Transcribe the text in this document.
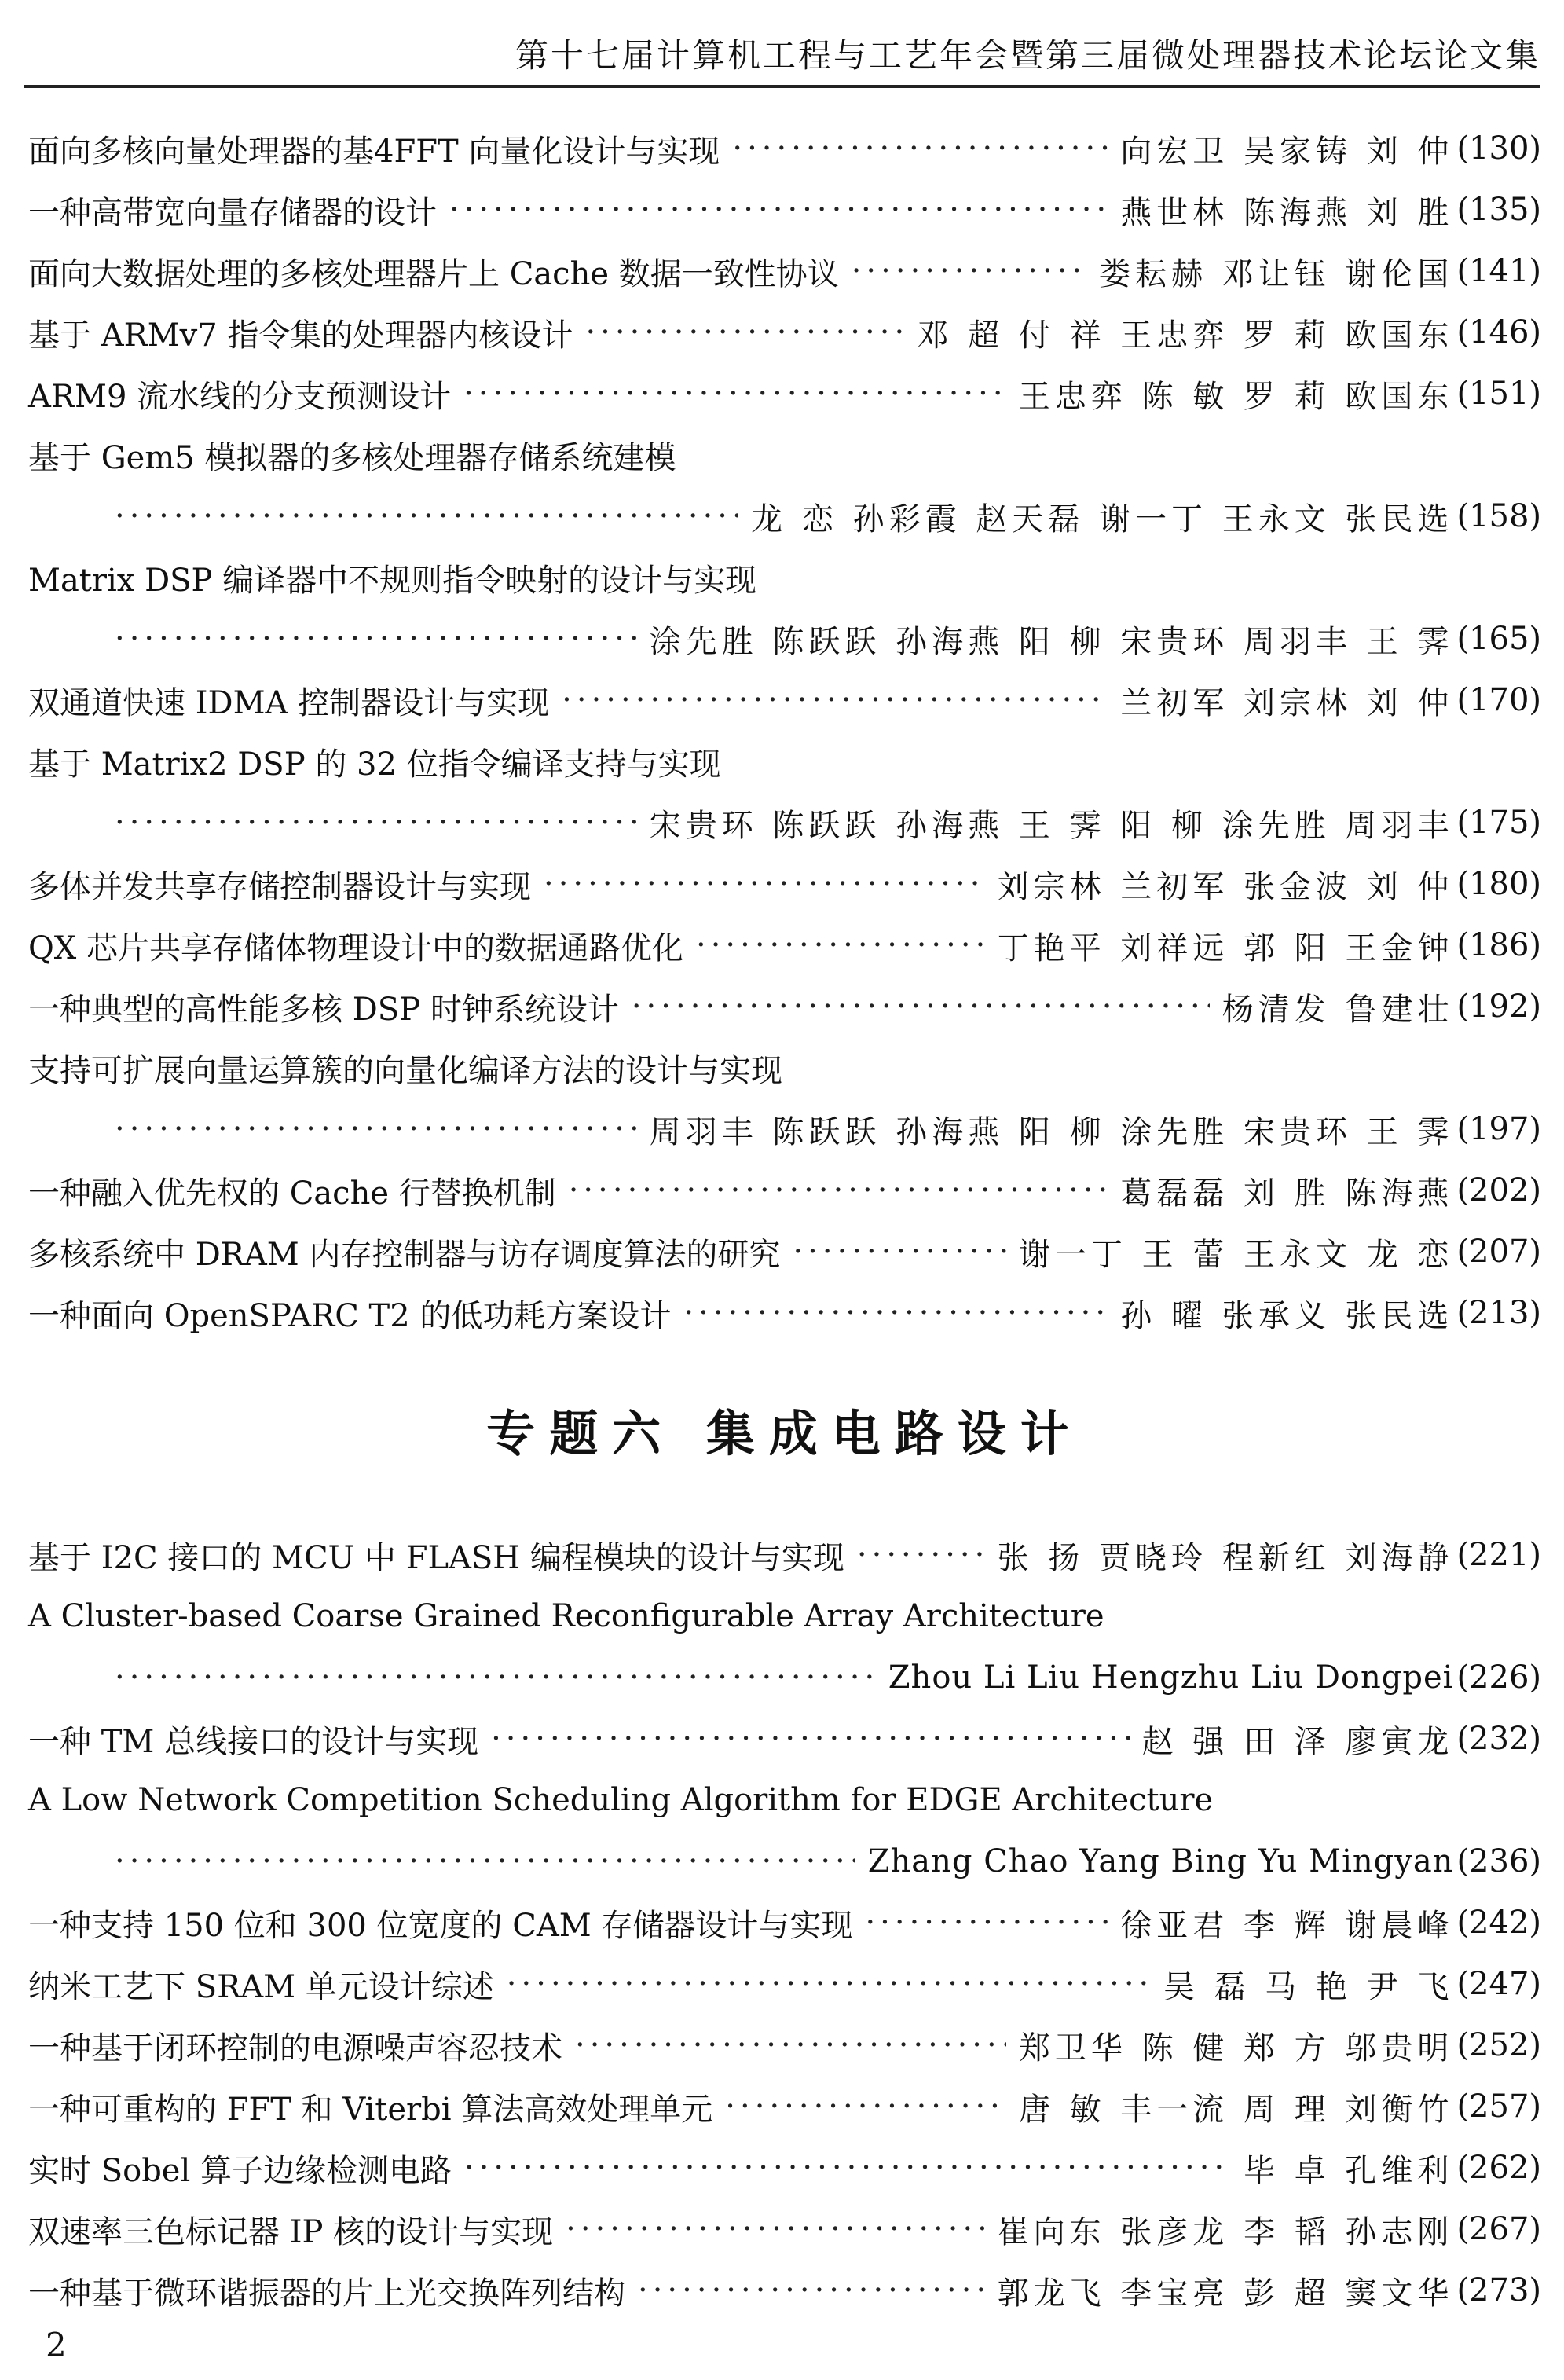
第十七届计算机工程与工艺年会暨第三届微处理器技术论坛论文集
面向多核向量处理器的基4FFT 向量化设计与实现 ·····	向宏卫 吴家铸 刘 仲 (130)
一种高带宽向量存储器的设计 ·····	燕世林 陈海燕 刘 胜 (135)
面向大数据处理的多核处理器片上 Cache 数据一致性协议 ·····	娄耘赫 邓让钰 谢伦国 (141)
基于 ARMv7 指令集的处理器内核设计 ·····	邓 超 付 祥 王忠弈 罗 莉 欧国东 (146)
ARM9 流水线的分支预测设计 ·····	王忠弈 陈 敏 罗 莉 欧国东 (151)
基于 Gem5 模拟器的多核处理器存储系统建模
·····
龙 恋 孙彩霞 赵天磊 谢一丁 王永文 张民选 (158)
Matrix DSP 编译器中不规则指令映射的设计与实现
·····
涂先胜 陈跃跃 孙海燕 阳 柳 宋贵环 周羽丰 王 霁 (165)
双通道快速 IDMA 控制器设计与实现 ·····	兰初军 刘宗林 刘 仲 (170)
基于 Matrix2 DSP 的 32 位指令编译支持与实现
·····
宋贵环 陈跃跃 孙海燕 王 霁 阳 柳 涂先胜 周羽丰 (175)
多体并发共享存储控制器设计与实现 ·····	刘宗林 兰初军 张金波 刘 仲 (180)
QX 芯片共享存储体物理设计中的数据通路优化 ·····	丁艳平 刘祥远 郭 阳 王金钟 (186)
一种典型的高性能多核 DSP 时钟系统设计 ·····	杨清发 鲁建壮 (192)
支持可扩展向量运算簇的向量化编译方法的设计与实现
·····
周羽丰 陈跃跃 孙海燕 阳 柳 涂先胜 宋贵环 王 霁 (197)
一种融入优先权的 Cache 行替换机制 ·····	葛磊磊 刘 胜 陈海燕 (202)
多核系统中 DRAM 内存控制器与访存调度算法的研究 ·····	谢一丁 王 蕾 王永文 龙 恋 (207)
一种面向 OpenSPARC T2 的低功耗方案设计 ·····	孙 曜 张承义 张民选 (213)
专题六 集成电路设计
基于 I2C 接口的 MCU 中 FLASH 编程模块的设计与实现 ·····	张 扬 贾晓玲 程新红 刘海静 (221)
A Cluster-based Coarse Grained Reconfigurable Array Architecture
·····
Zhou Li Liu Hengzhu Liu Dongpei (226)
一种 TM 总线接口的设计与实现 ·····	赵 强 田 泽 廖寅龙 (232)
A Low Network Competition Scheduling Algorithm for EDGE Architecture
·····
Zhang Chao Yang Bing Yu Mingyan (236)
一种支持 150 位和 300 位宽度的 CAM 存储器设计与实现 ·····	徐亚君 李 辉 谢晨峰 (242)
纳米工艺下 SRAM 单元设计综述 ·····	吴 磊 马 艳 尹 飞 (247)
一种基于闭环控制的电源噪声容忍技术 ·····	郑卫华 陈 健 郑 方 邬贵明 (252)
一种可重构的 FFT 和 Viterbi 算法高效处理单元 ·····	唐 敏 丰一流 周 理 刘衡竹 (257)
实时 Sobel 算子边缘检测电路 ·····	毕 卓 孔维利 (262)
双速率三色标记器 IP 核的设计与实现 ·····	崔向东 张彦龙 李 韬 孙志刚 (267)
一种基于微环谐振器的片上光交换阵列结构 ·····	郭龙飞 李宝亮 彭 超 窦文华 (273)
2
